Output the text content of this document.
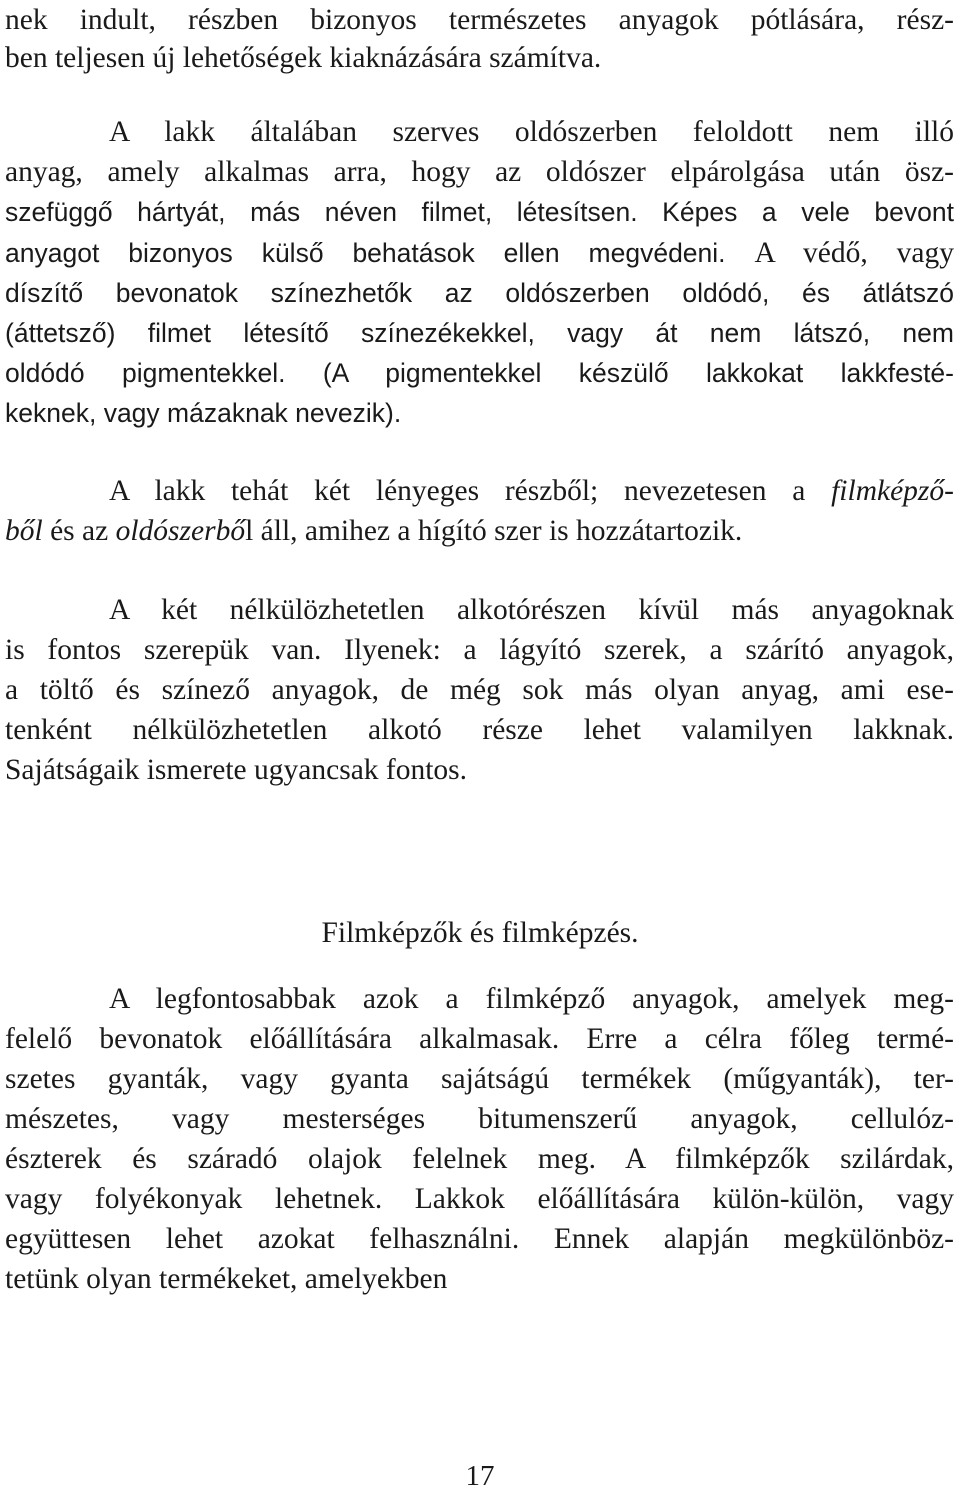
nek indult, részben bizonyos természetes anyagok pótlására, rész-
ben teljesen új lehetőségek kiaknázására számítva.
A lakk általában szerves oldószerben feloldott nem illó
anyag, amely alkalmas arra, hogy az oldószer elpárolgása után ösz-
szefüggő hártyát, más néven filmet, létesítsen. Képes a vele bevont
anyagot bizonyos külső behatások ellen megvédeni. A védő, vagy
díszítő bevonatok színezhetők az oldószerben oldódó, és átlátszó
(áttetsző) filmet létesítő színezékekkel, vagy át nem látszó, nem
oldódó pigmentekkel. (A pigmentekkel készülő lakkokat lakkfesté-
keknek, vagy mázaknak nevezik).
A lakk tehát két lényeges részből; nevezetesen a filmképző-
ből és az oldószerből áll, amihez a hígító szer is hozzátartozik.
A két nélkülözhetetlen alkotórészen kívül más anyagoknak
is fontos szerepük van. Ilyenek: a lágyító szerek, a szárító anyagok,
a töltő és színező anyagok, de még sok más olyan anyag, ami ese-
tenként nélkülözhetetlen alkotó része lehet valamilyen lakknak.
Sajátságaik ismerete ugyancsak fontos.
Filmképzők és filmképzés.
A legfontosabbak azok a filmképző anyagok, amelyek meg-
felelő bevonatok előállítására alkalmasak. Erre a célra főleg termé-
szetes gyanták, vagy gyanta sajátságú termékek (műgyanták), ter-
mészetes, vagy mesterséges bitumenszerű anyagok, cellulóz-
észterek és száradó olajok felelnek meg. A filmképzők szilárdak,
vagy folyékonyak lehetnek. Lakkok előállítására külön-külön, vagy
együttesen lehet azokat felhasználni. Ennek alapján megkülönböz-
tetünk olyan termékeket, amelyekben
17
